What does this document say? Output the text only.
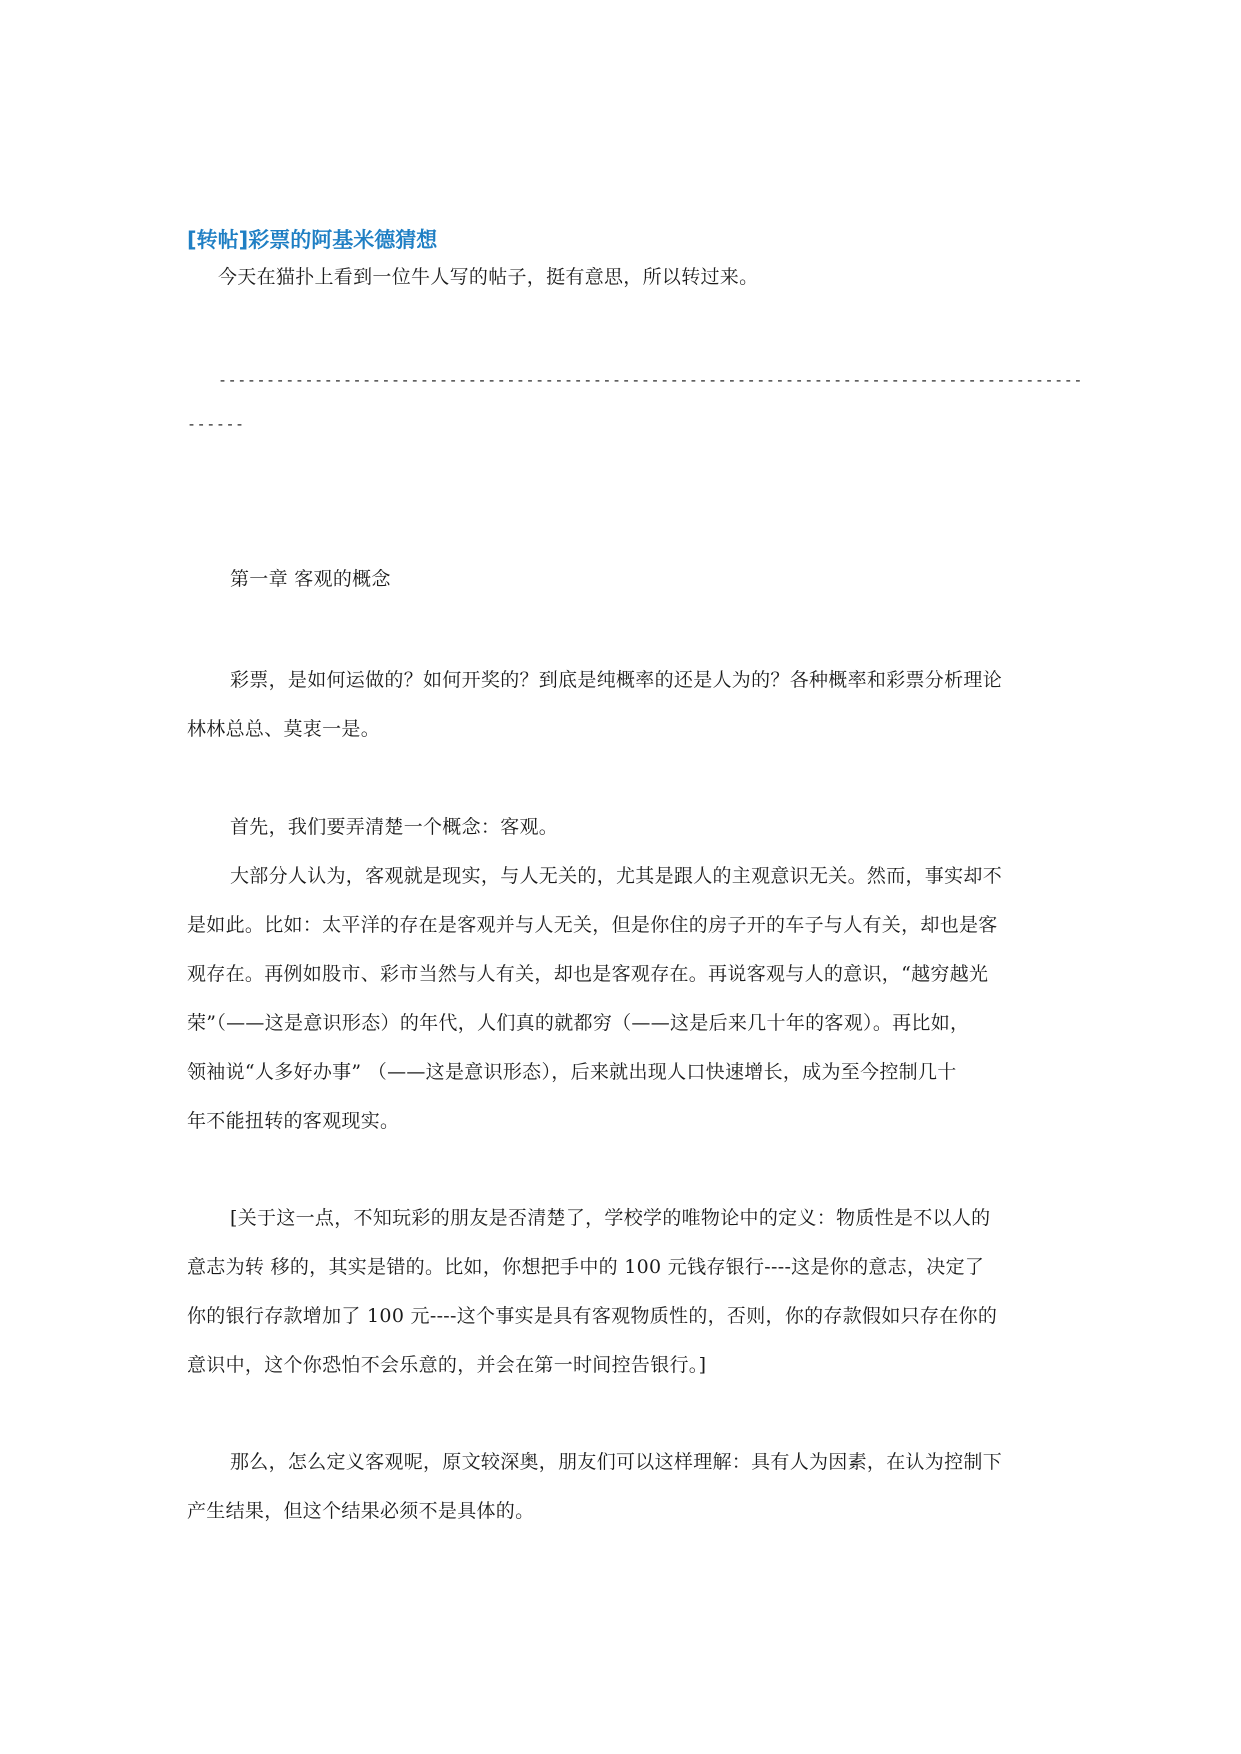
[转帖]彩票的阿基米德猜想
今天在猫扑上看到一位牛人写的帖子，挺有意思，所以转过来。
------------------------------------------------------------------------------------------
------
第一章 客观的概念
彩票，是如何运做的？如何开奖的？到底是纯概率的还是人为的？各种概率和彩票分析理论
林林总总、莫衷一是。
首先，我们要弄清楚一个概念：客观。
大部分人认为，客观就是现实，与人无关的，尤其是跟人的主观意识无关。然而，事实却不
是如此。比如：太平洋的存在是客观并与人无关，但是你住的房子开的车子与人有关，却也是客
观存在。再例如股市、彩市当然与人有关，却也是客观存在。再说客观与人的意识，“越穷越光
荣”（——这是意识形态）的年代，人们真的就都穷（——这是后来几十年的客观）。再比如，
领袖说“人多好办事” （——这是意识形态），后来就出现人口快速增长，成为至今控制几十
年不能扭转的客观现实。
[关于这一点，不知玩彩的朋友是否清楚了，学校学的唯物论中的定义：物质性是不以人的
意志为转 移的，其实是错的。比如，你想把手中的 100 元钱存银行----这是你的意志，决定了
你的银行存款增加了 100 元----这个事实是具有客观物质性的，否则，你的存款假如只存在你的
意识中，这个你恐怕不会乐意的，并会在第一时间控告银行。]
那么，怎么定义客观呢，原文较深奥，朋友们可以这样理解：具有人为因素，在认为控制下
产生结果，但这个结果必须不是具体的。
